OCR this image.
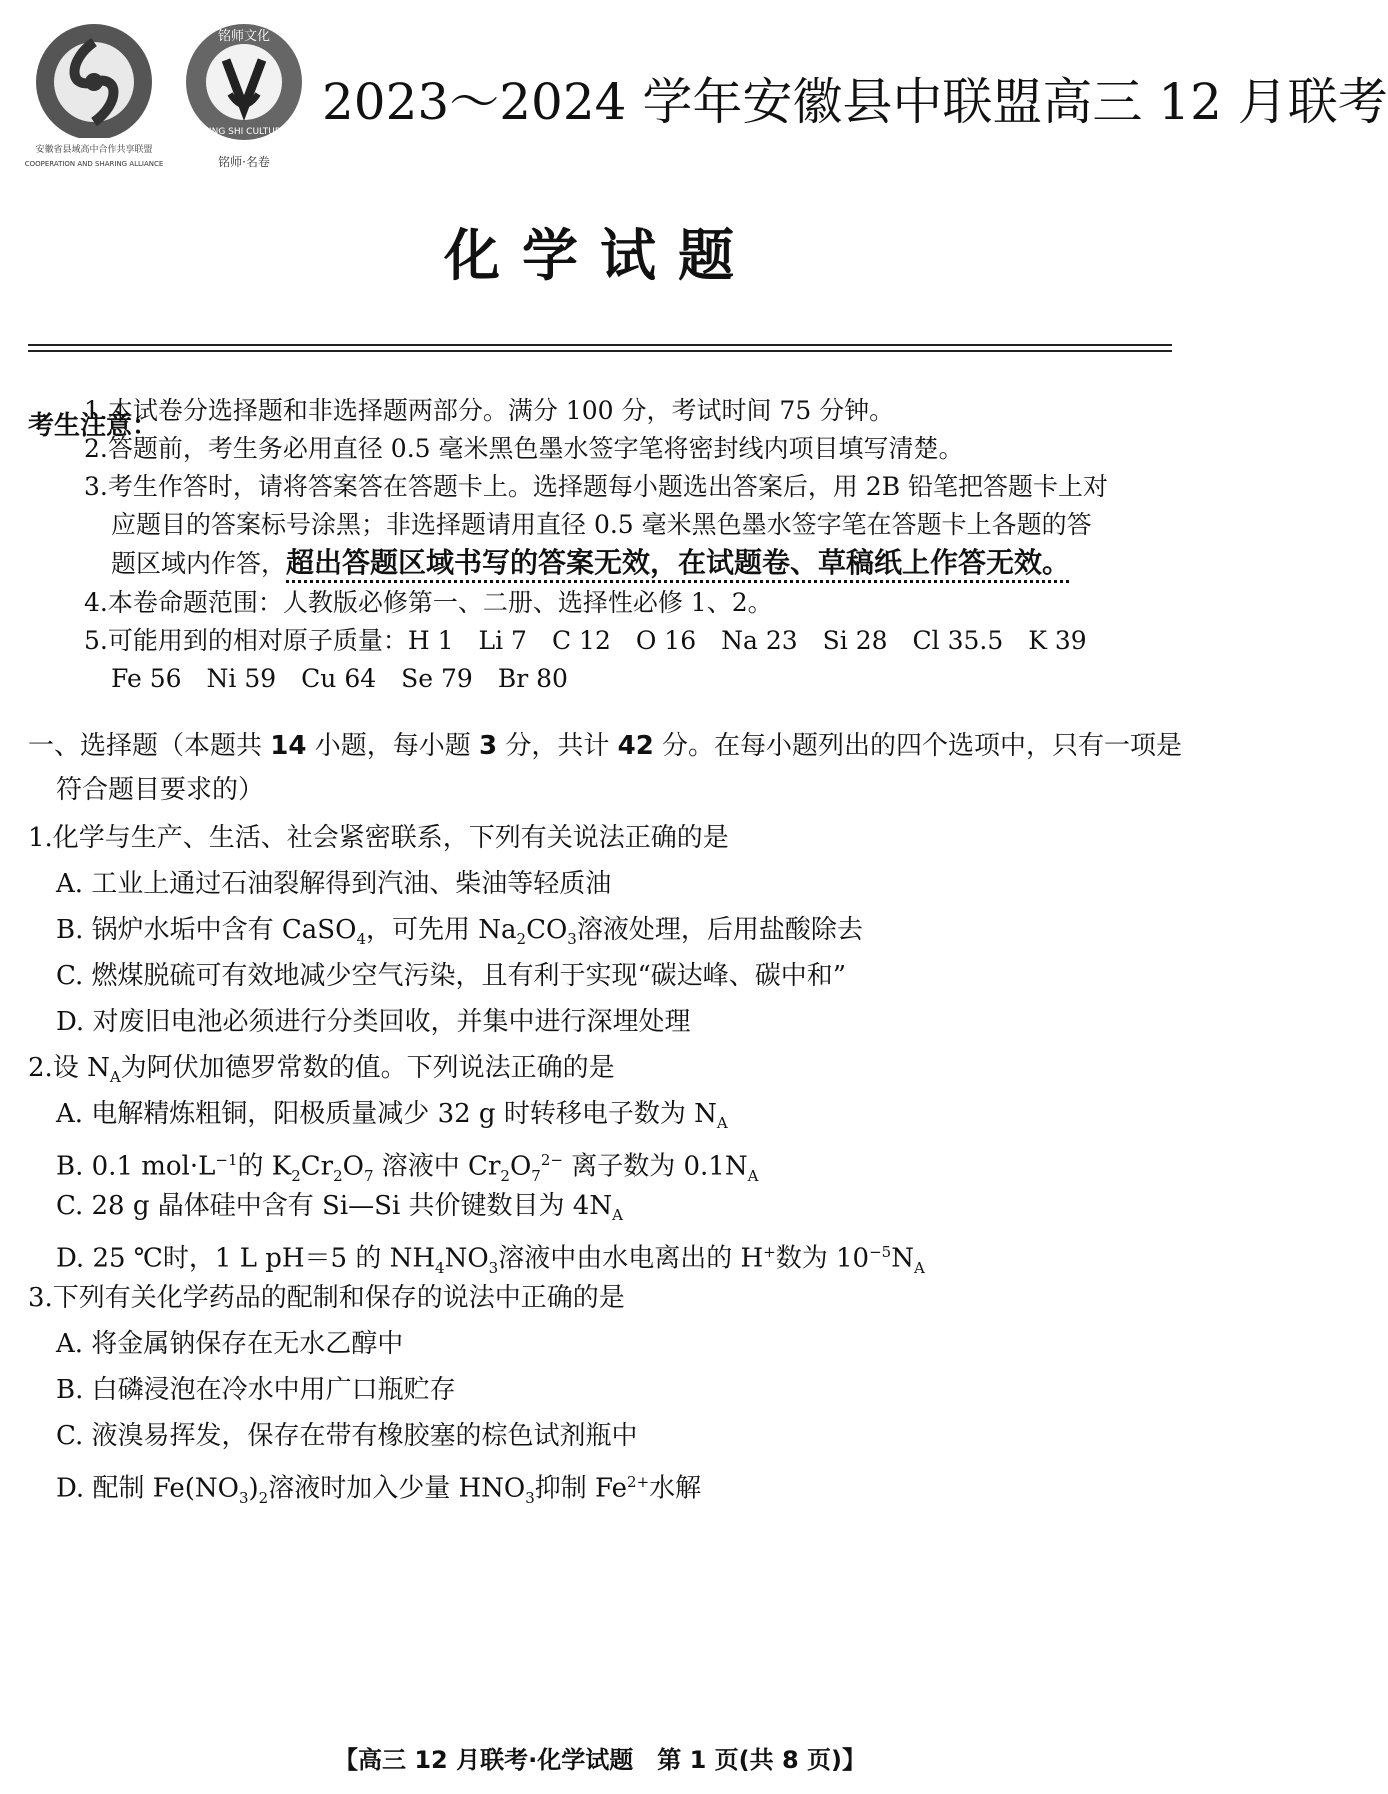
安徽省县域高中合作共享联盟
COOPERATION AND SHARING ALLIANCE
铭师文化
MING SHI CULTURE
铭师·名卷
2023～2024 学年安徽县中联盟高三 12 月联考
化学试题
考生注意：
1.本试卷分选择题和非选择题两部分。满分 100 分，考试时间 75 分钟。
2.答题前，考生务必用直径 0.5 毫米黑色墨水签字笔将密封线内项目填写清楚。
3.考生作答时，请将答案答在答题卡上。选择题每小题选出答案后，用 2B 铅笔把答题卡上对
应题目的答案标号涂黑；非选择题请用直径 0.5 毫米黑色墨水签字笔在答题卡上各题的答
题区域内作答，超出答题区域书写的答案无效，在试题卷、草稿纸上作答无效。
4.本卷命题范围：人教版必修第一、二册、选择性必修 1、2。
5.可能用到的相对原子质量：H 1　Li 7　C 12　O 16　Na 23　Si 28　Cl 35.5　K 39
Fe 56　Ni 59　Cu 64　Se 79　Br 80
一、选择题（本题共 14 小题，每小题 3 分，共计 42 分。在每小题列出的四个选项中，只有一项是
符合题目要求的）
1.化学与生产、生活、社会紧密联系，下列有关说法正确的是
A. 工业上通过石油裂解得到汽油、柴油等轻质油
B. 锅炉水垢中含有 CaSO$_4$，可先用 $Na_2CO_3$溶液处理，后用盐酸除去
C. 燃煤脱硫可有效地减少空气污染，且有利于实现“碳达峰、碳中和”
D. 对废旧电池必须进行分类回收，并集中进行深埋处理
2.设 $N_A$为阿伏加德罗常数的值。下列说法正确的是
A. 电解精炼粗铜，阳极质量减少 32 g 时转移电子数为 $N_A$
B. 0.1 $mol\cdot L^{-1}$的 $K_2Cr_2O_7$ 溶液中 $Cr_2O_7^{2-}$ 离子数为 $0.1N_A$
C. 28 g 晶体硅中含有 Si—Si 共价键数目为 $4N_A$
D. 25 ℃时，1 L pH＝5 的 $NH_4NO_3$溶液中由水电离出的 H+数为 $10^{-5}N_A$
3.下列有关化学药品的配制和保存的说法中正确的是
A. 将金属钠保存在无水乙醇中
B. 白磷浸泡在冷水中用广口瓶贮存
C. 液溴易挥发，保存在带有橡胶塞的棕色试剂瓶中
D. 配制 $Fe(NO_3)_2$溶液时加入少量 $HNO_3$抑制 $Fe^{2+}$水解
【高三 12 月联考·化学试题　第 1 页(共 8 页)】
